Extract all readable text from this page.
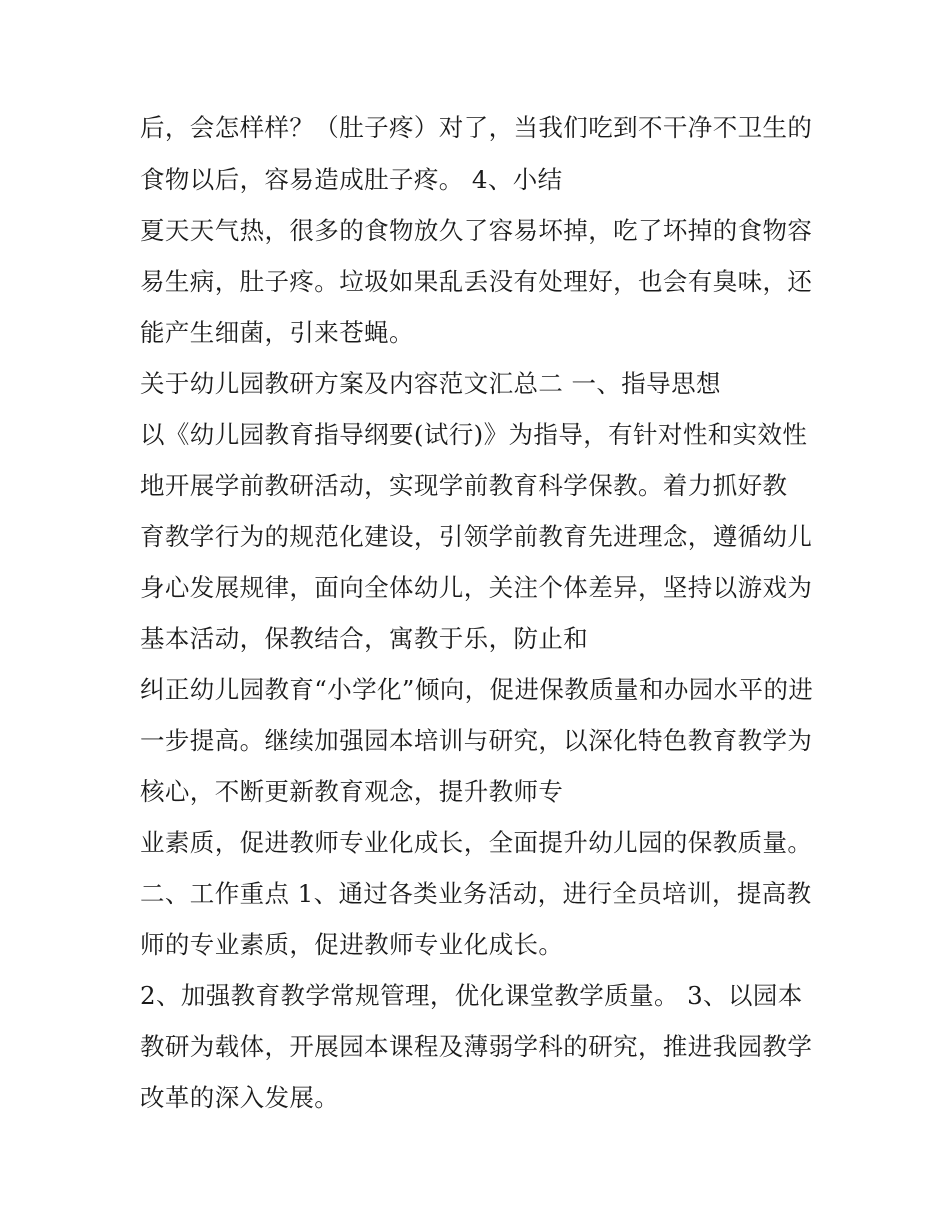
后，会怎样样？（肚子疼）对了，当我们吃到不干净不卫生的
食物以后，容易造成肚子疼。 4、小结
夏天天气热，很多的食物放久了容易坏掉，吃了坏掉的食物容
易生病，肚子疼。垃圾如果乱丢没有处理好，也会有臭味，还
能产生细菌，引来苍蝇。
关于幼儿园教研方案及内容范文汇总二 一、指导思想
以《幼儿园教育指导纲要(试行)》为指导，有针对性和实效性
地开展学前教研活动，实现学前教育科学保教。着力抓好教
育教学行为的规范化建设，引领学前教育先进理念，遵循幼儿
身心发展规律，面向全体幼儿，关注个体差异，坚持以游戏为
基本活动，保教结合，寓教于乐，防止和
纠正幼儿园教育“小学化”倾向，促进保教质量和办园水平的进
一步提高。继续加强园本培训与研究，以深化特色教育教学为
核心，不断更新教育观念，提升教师专
业素质，促进教师专业化成长，全面提升幼儿园的保教质量。
二、工作重点 1、通过各类业务活动，进行全员培训，提高教
师的专业素质，促进教师专业化成长。
2、加强教育教学常规管理，优化课堂教学质量。 3、以园本
教研为载体，开展园本课程及薄弱学科的研究，推进我园教学
改革的深入发展。
